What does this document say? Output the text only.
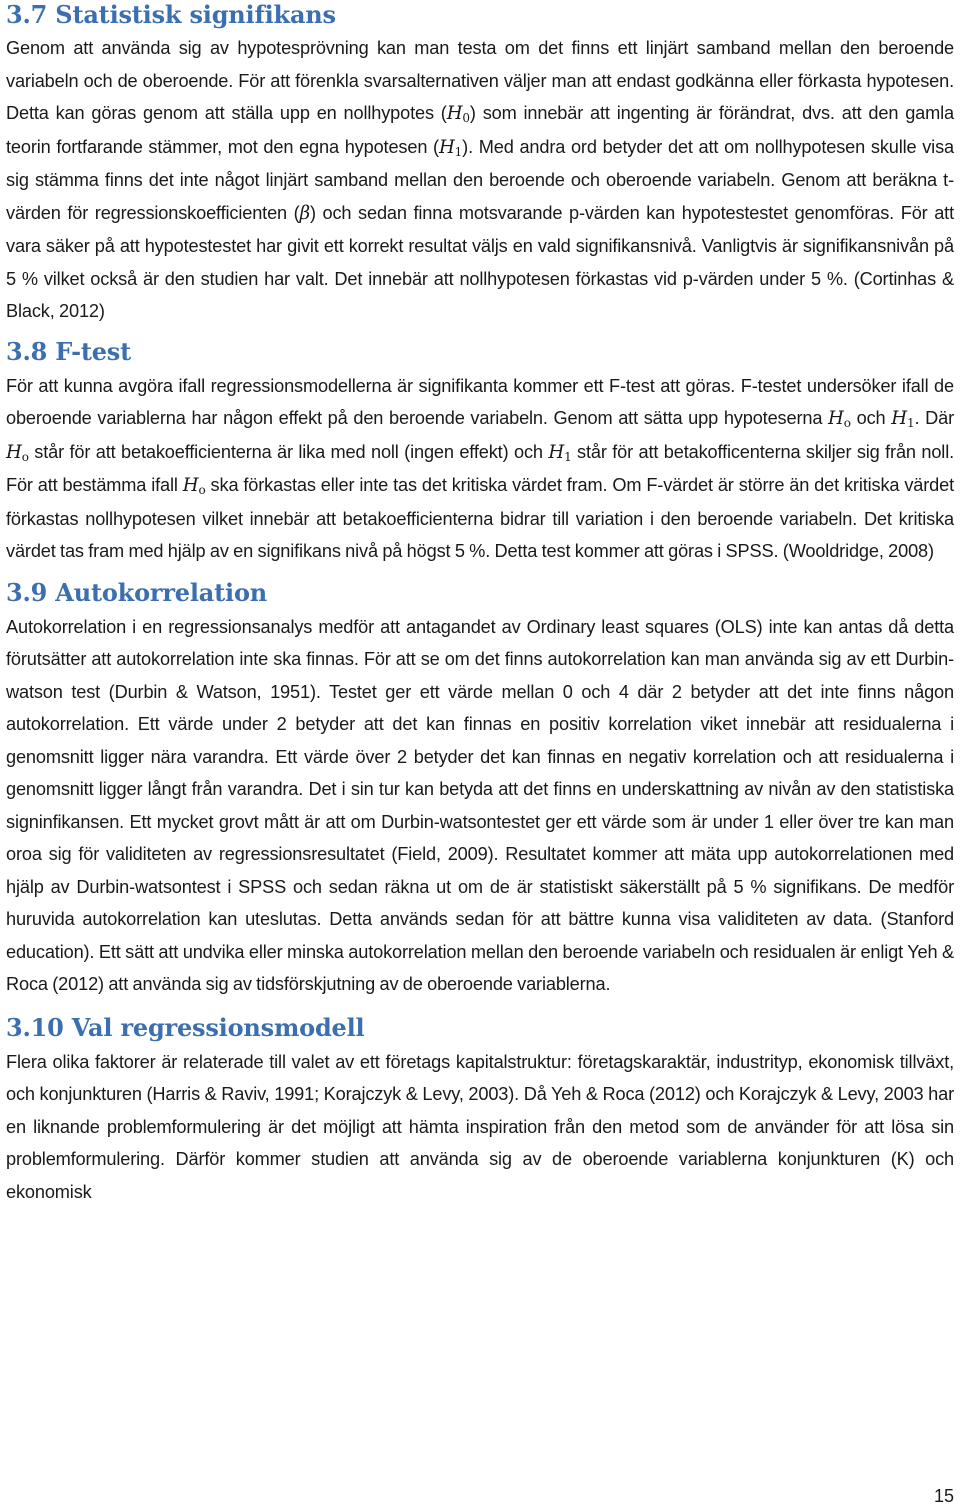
3.7 Statistisk signifikans

Genom att använda sig av hypotesprövning kan man testa om det finns ett linjärt samband mellan den beroende variabeln och de oberoende. För att förenkla svarsalternativen väljer man att endast godkänna eller förkasta hypotesen. Detta kan göras genom att ställa upp en nollhypotes $(H_0)$ som innebär att ingenting är förändrat, dvs. att den gamla teorin fortfarande stämmer, mot den egna hypotesen $(H_1)$. Med andra ord betyder det att om nollhypotesen skulle visa sig stämma finns det inte något linjärt samband mellan den beroende och oberoende variabeln. Genom att beräkna t-värden för regressionskoefficienten (β) och sedan finna motsvarande p-värden kan hypotestestet genomföras. För att vara säker på att hypotestestet har givit ett korrekt resultat väljs en vald signifikansnivå. Vanligtvis är signifikansnivån på 5 % vilket också är den studien har valt. Det innebär att nollhypotesen förkastas vid p-värden under 5 %. (Cortinhas & Black, 2012)

3.8 F-test

För att kunna avgöra ifall regressionsmodellerna är signifikanta kommer ett F-test att göras. F-testet undersöker ifall de oberoende variablerna har någon effekt på den beroende variabeln. Genom att sätta upp hypoteserna $H_o$ och $H_1$. Där $H_o$ står för att betakoefficienterna är lika med noll (ingen effekt) och $H_1$ står för att betakofficenterna skiljer sig från noll. För att bestämma ifall $H_o$ ska förkastas eller inte tas det kritiska värdet fram. Om F-värdet är större än det kritiska värdet förkastas nollhypotesen vilket innebär att betakoefficienterna bidrar till variation i den beroende variabeln. Det kritiska värdet tas fram med hjälp av en signifikans nivå på högst 5 %. Detta test kommer att göras i SPSS. (Wooldridge, 2008)

3.9 Autokorrelation

Autokorrelation i en regressionsanalys medför att antagandet av Ordinary least squares (OLS) inte kan antas då detta förutsätter att autokorrelation inte ska finnas. För att se om det finns autokorrelation kan man använda sig av ett Durbin-watson test (Durbin & Watson, 1951). Testet ger ett värde mellan 0 och 4 där 2 betyder att det inte finns någon autokorrelation. Ett värde under 2 betyder att det kan finnas en positiv korrelation viket innebär att residualerna i genomsnitt ligger nära varandra. Ett värde över 2 betyder det kan finnas en negativ korrelation och att residualerna i genomsnitt ligger långt från varandra. Det i sin tur kan betyda att det finns en underskattning av nivån av den statistiska signinfikansen. Ett mycket grovt mått är att om Durbin-watsontestet ger ett värde som är under 1 eller över tre kan man oroa sig för validiteten av regressionsresultatet (Field, 2009). Resultatet kommer att mäta upp autokorrelationen med hjälp av Durbin-watsontest i SPSS och sedan räkna ut om de är statistiskt säkerställt på 5 % signifikans. De medför huruvida autokorrelation kan uteslutas. Detta används sedan för att bättre kunna visa validiteten av data. (Stanford education). Ett sätt att undvika eller minska autokorrelation mellan den beroende variabeln och residualen är enligt Yeh & Roca (2012) att använda sig av tidsförskjutning av de oberoende variablerna.

3.10 Val regressionsmodell

Flera olika faktorer är relaterade till valet av ett företags kapitalstruktur: företagskaraktär, industrityp, ekonomisk tillväxt, och konjunkturen (Harris & Raviv, 1991; Korajczyk & Levy, 2003). Då Yeh & Roca (2012) och Korajczyk & Levy, 2003 har en liknande problemformulering är det möjligt att hämta inspiration från den metod som de använder för att lösa sin problemformulering. Därför kommer studien att använda sig av de oberoende variablerna konjunkturen (K) och ekonomisk

15
